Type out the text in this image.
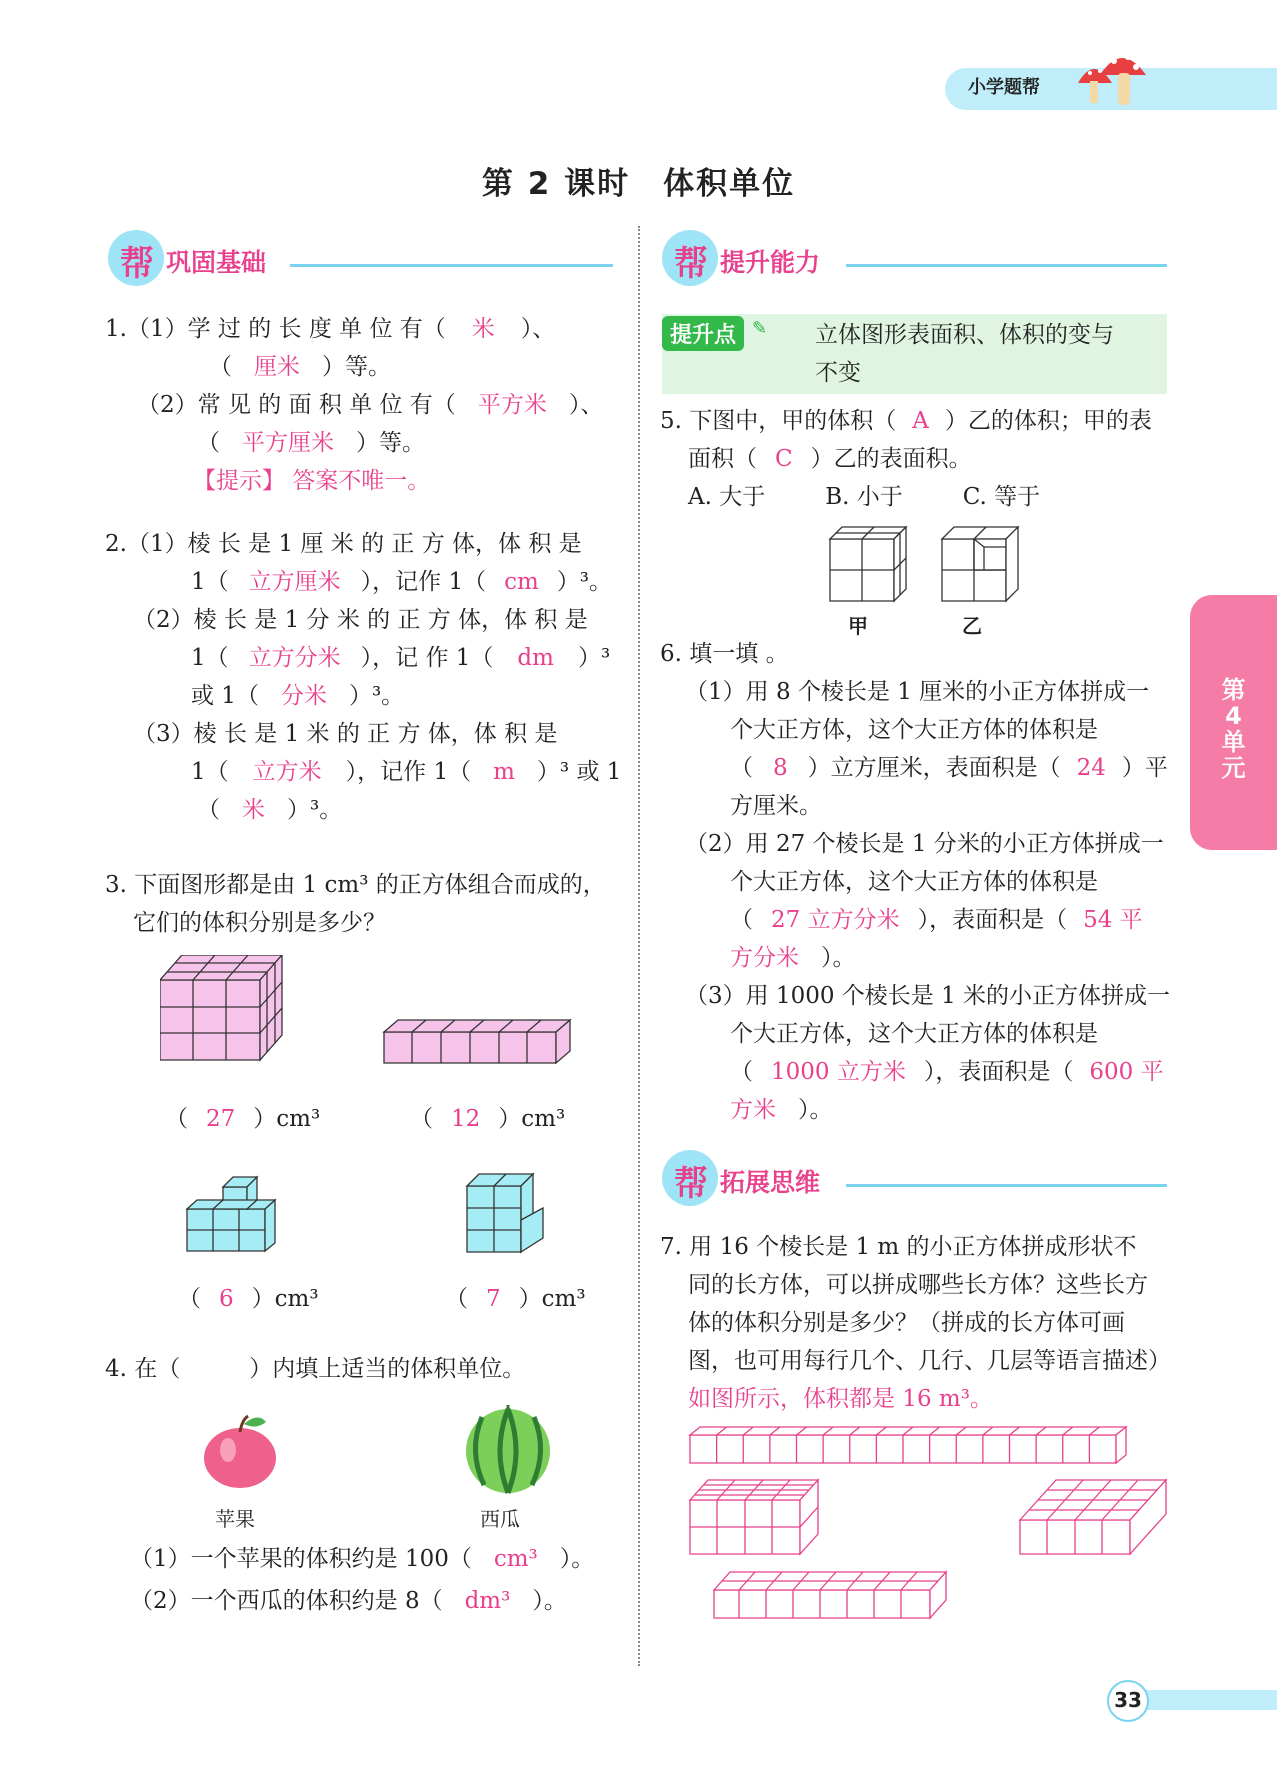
小学题帮
第 2 课时　体积单位
帮 巩固基础
1.（1）学 过 的 长 度 单 位 有（ 米 ）、
（ 厘米 ）等。
（2）常 见 的 面 积 单 位 有（ 平方米 ）、
（ 平方厘米 ）等。
【提示】 答案不唯一。
2.（1）棱 长 是 1 厘 米 的 正 方 体，体 积 是
1（ 立方厘米 ），记作 1（ cm ）³。
（2）棱 长 是 1 分 米 的 正 方 体，体 积 是
1（ 立方分米 ），记 作 1（ dm ）³
或 1（ 分米 ）³。
（3）棱 长 是 1 米 的 正 方 体，体 积 是
1（ 立方米 ），记作 1（ m ）³ 或 1
（ 米 ）³。
3. 下面图形都是由 1 cm³ 的正方体组合而成的，
它们的体积分别是多少？
（ 27 ）cm³	（ 12 ）cm³
（ 6 ）cm³	（ 7 ）cm³
4. 在（　　　）内填上适当的体积单位。
苹果	西瓜
（1）一个苹果的体积约是 100（ cm³ ）。
（2）一个西瓜的体积约是 8（ dm³ ）。
帮 提升能力
提升点 ✎ 立体图形表面积、体积的变与
不变
5. 下图中，甲的体积（ A ）乙的体积；甲的表
面积（ C ）乙的表面积。
A. 大于	B. 小于	C. 等于
甲	乙
6. 填一填 。
（1）用 8 个棱长是 1 厘米的小正方体拼成一
个大正方体，这个大正方体的体积是
（ 8 ）立方厘米，表面积是（ 24 ）平
方厘米。
（2）用 27 个棱长是 1 分米的小正方体拼成一
个大正方体，这个大正方体的体积是
（ 27 立方分米 ），表面积是（ 54 平
方分米 ）。
（3）用 1000 个棱长是 1 米的小正方体拼成一
个大正方体，这个大正方体的体积是
（ 1000 立方米 ），表面积是（ 600 平
方米 ）。
帮 拓展思维
7. 用 16 个棱长是 1 m 的小正方体拼成形状不
同的长方体，可以拼成哪些长方体？这些长方
体的体积分别是多少？（拼成的长方体可画
图，也可用每行几个、几行、几层等语言描述）
如图所示，体积都是 16 m³。
第
4
单
元
33
